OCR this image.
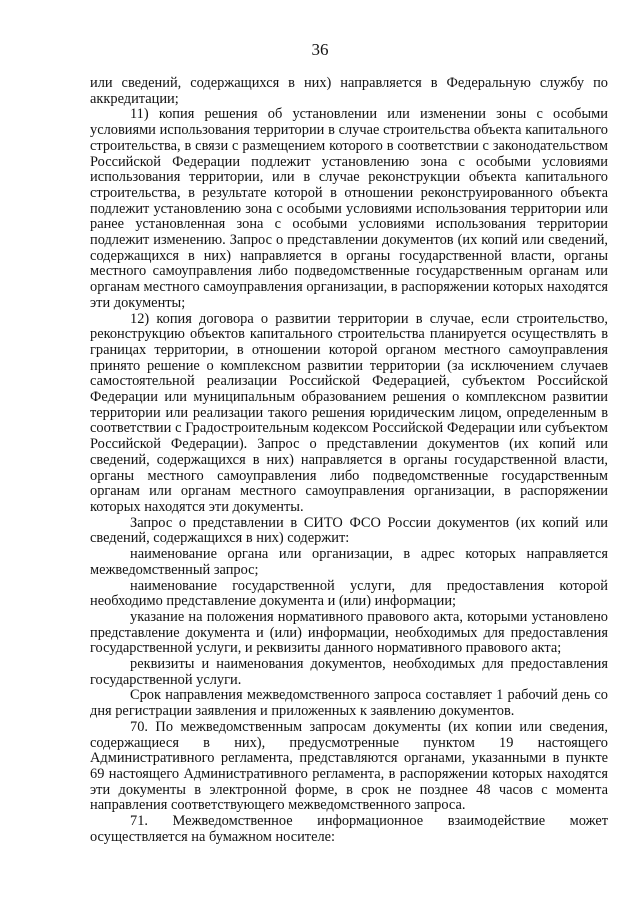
36

или сведений, содержащихся в них) направляется в Федеральную службу по аккредитации;

11) копия решения об установлении или изменении зоны с особыми условиями использования территории в случае строительства объекта капитального строительства, в связи с размещением которого в соответствии с законодательством Российской Федерации подлежит установлению зона с особыми условиями использования территории, или в случае реконструкции объекта капитального строительства, в результате которой в отношении реконструированного объекта подлежит установлению зона с особыми условиями использования территории или ранее установленная зона с особыми условиями использования территории подлежит изменению. Запрос о представлении документов (их копий или сведений, содержащихся в них) направляется в органы государственной власти, органы местного самоуправления либо подведомственные государственным органам или органам местного самоуправления организации, в распоряжении которых находятся эти документы;

12) копия договора о развитии территории в случае, если строительство, реконструкцию объектов капитального строительства планируется осуществлять в границах территории, в отношении которой органом местного самоуправления принято решение о комплексном развитии территории (за исключением случаев самостоятельной реализации Российской Федерацией, субъектом Российской Федерации или муниципальным образованием решения о комплексном развитии территории или реализации такого решения юридическим лицом, определенным в соответствии с Градостроительным кодексом Российской Федерации или субъектом Российской Федерации). Запрос о представлении документов (их копий или сведений, содержащихся в них) направляется в органы государственной власти, органы местного самоуправления либо подведомственные государственным органам или органам местного самоуправления организации, в распоряжении которых находятся эти документы.

Запрос о представлении в СИТО ФСО России документов (их копий или сведений, содержащихся в них) содержит:

наименование органа или организации, в адрес которых направляется межведомственный запрос;

наименование государственной услуги, для предоставления которой необходимо представление документа и (или) информации;

указание на положения нормативного правового акта, которыми установлено представление документа и (или) информации, необходимых для предоставления государственной услуги, и реквизиты данного нормативного правового акта;

реквизиты и наименования документов, необходимых для предоставления государственной услуги.

Срок направления межведомственного запроса составляет 1 рабочий день со дня регистрации заявления и приложенных к заявлению документов.

70. По межведомственным запросам документы (их копии или сведения, содержащиеся в них), предусмотренные пунктом 19 настоящего Административного регламента, представляются органами, указанными в пункте 69 настоящего Административного регламента, в распоряжении которых находятся эти документы в электронной форме, в срок не позднее 48 часов с момента направления соответствующего межведомственного запроса.

71. Межведомственное информационное взаимодействие может осуществляется на бумажном носителе:
